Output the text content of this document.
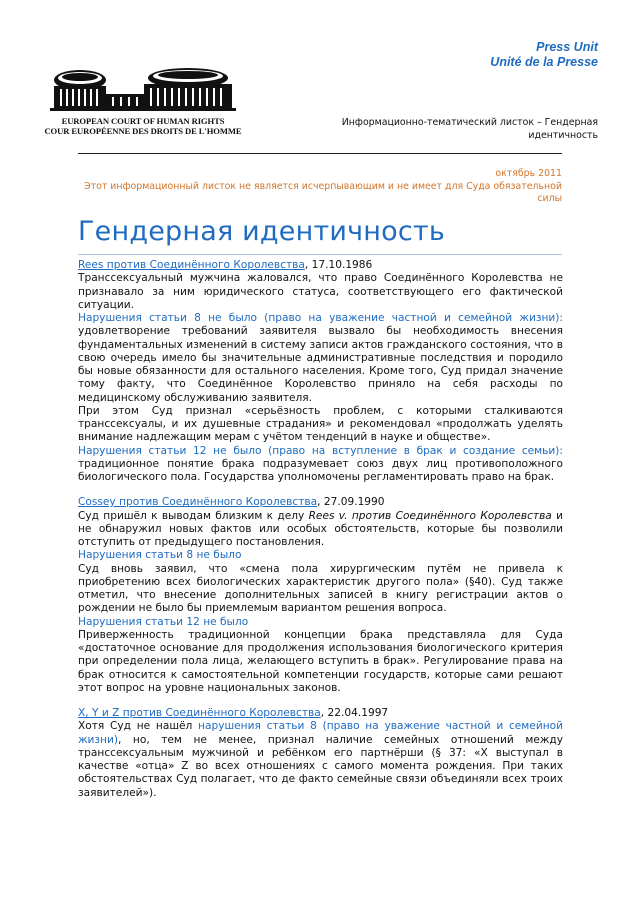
Press Unit
Unité de la Presse
EUROPEAN COURT OF HUMAN RIGHTS
COUR EUROPÉENNE DES DROITS DE L'HOMME
Информационно-тематический листок – Гендерная
идентичность
октябрь 2011
Этот информационный листок не является исчерпывающим и не имеет для Суда обязательной силы
Гендерная идентичность

Rees против Соединённого Королевства, 17.10.1986

Транссексуальный мужчина жаловался, что право Соединённого Королевства не признавало за ним юридического статуса, соответствующего его фактической ситуации.

Нарушения статьи 8 не было (право на уважение частной и семейной жизни): удовлетворение требований заявителя вызвало бы необходимость внесения фундаментальных изменений в систему записи актов гражданского состояния, что в свою очередь имело бы значительные административные последствия и породило бы новые обязанности для остального населения. Кроме того, Суд придал значение тому факту, что Соединённое Королевство приняло на себя расходы по медицинскому обслуживанию заявителя.

При этом Суд признал «серьёзность проблем, с которыми сталкиваются транссексуалы, и их душевные страдания» и рекомендовал «продолжать уделять внимание надлежащим мерам с учётом тенденций в науке и обществе».

Нарушения статьи 12 не было (право на вступление в брак и создание семьи): традиционное понятие брака подразумевает союз двух лиц противоположного биологического пола. Государства уполномочены регламентировать право на брак.

Cossey против Соединённого Королевства, 27.09.1990

Суд пришёл к выводам близким к делу Rees v. против Соединённого Королевства и не обнаружил новых фактов или особых обстоятельств, которые бы позволили отступить от предыдущего постановления.

Нарушения статьи 8 не было

Суд вновь заявил, что «смена пола хирургическим путём не привела к приобретению всех биологических характеристик другого пола» (§40). Суд также отметил, что внесение дополнительных записей в книгу регистрации актов о рождении не было бы приемлемым вариантом решения вопроса.

Нарушения статьи 12 не было

Приверженность традиционной концепции брака представляла для Суда «достаточное основание для продолжения использования биологического критерия при определении пола лица, желающего вступить в брак». Регулирование права на брак относится к самостоятельной компетенции государств, которые сами решают этот вопрос на уровне национальных законов.

X, Y и Z против Соединённого Королевства, 22.04.1997

Хотя Суд не нашёл нарушения статьи 8 (право на уважение частной и семейной жизни), но, тем не менее, признал наличие семейных отношений между транссексуальным мужчиной и ребёнком его партнёрши (§ 37: «Х выступал в качестве «отца» Z во всех отношениях с самого момента рождения. При таких обстоятельствах Суд полагает, что де факто семейные связи объединяли всех троих заявителей»).
